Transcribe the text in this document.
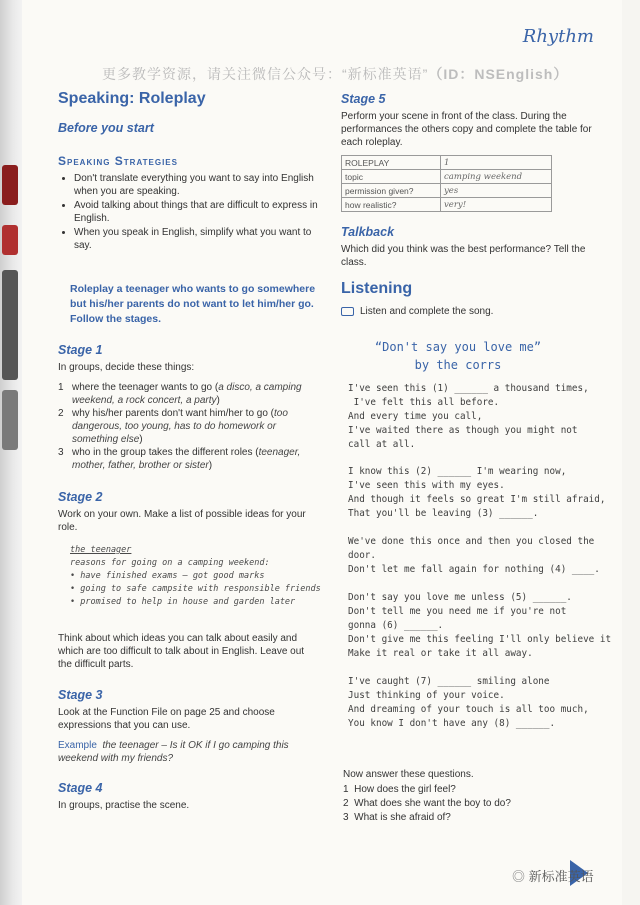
Rhythm
更多教学资源，请关注微信公众号：“新标准英语”（ID：NSEnglish）
Speaking: Roleplay
Before you start
Speaking Strategies
• Don't translate everything you want to say into English when you are speaking.
• Avoid talking about things that are difficult to express in English.
• When you speak in English, simplify what you want to say.
Roleplay a teenager who wants to go somewhere but his/her parents do not want to let him/her go. Follow the stages.
Stage 1
In groups, decide these things:
1 where the teenager wants to go (a disco, a camping weekend, a rock concert, a party)
2 why his/her parents don't want him/her to go (too dangerous, too young, has to do homework or something else)
3 who in the group takes the different roles (teenager, mother, father, brother or sister)
Stage 2
Work on your own. Make a list of possible ideas for your role.
the teenager
reasons for going on a camping weekend:
• have finished exams – got good marks
• going to safe campsite with responsible friends
• promised to help in house and garden later
Think about which ideas you can talk about easily and which are too difficult to talk about in English. Leave out the difficult parts.
Stage 3
Look at the Function File on page 25 and choose expressions that you can use.
Example the teenager – Is it OK if I go camping this weekend with my friends?
Stage 4
In groups, practise the scene.
Stage 5
Perform your scene in front of the class. During the performances the others copy and complete the table for each roleplay.
ROLEPLAY	1
topic	camping weekend
permission given?	yes
how realistic?	very!
Talkback
Which did you think was the best performance? Tell the class.
Listening
Listen and complete the song.
“Don't say you love me”
by the corrs
I've seen this (1) ______ a thousand times,
I've felt this all before.
And every time you call,
I've waited there as though you might not
call at all.
I know this (2) ______ I'm wearing now,
I've seen this with my eyes.
And though it feels so great I'm still afraid,
That you'll be leaving (3) ______.
We've done this once and then you closed the
door.
Don't let me fall again for nothing (4) ____.
Don't say you love me unless (5) ______.
Don't tell me you need me if you're not
gonna (6) ______.
Don't give me this feeling I'll only believe it
Make it real or take it all away.
I've caught (7) ______ smiling alone
Just thinking of your voice.
And dreaming of your touch is all too much,
You know I don't have any (8) ______.
Now answer these questions.
1 How does the girl feel?
2 What does she want the boy to do?
3 What is she afraid of?
◎ 新标准英语
